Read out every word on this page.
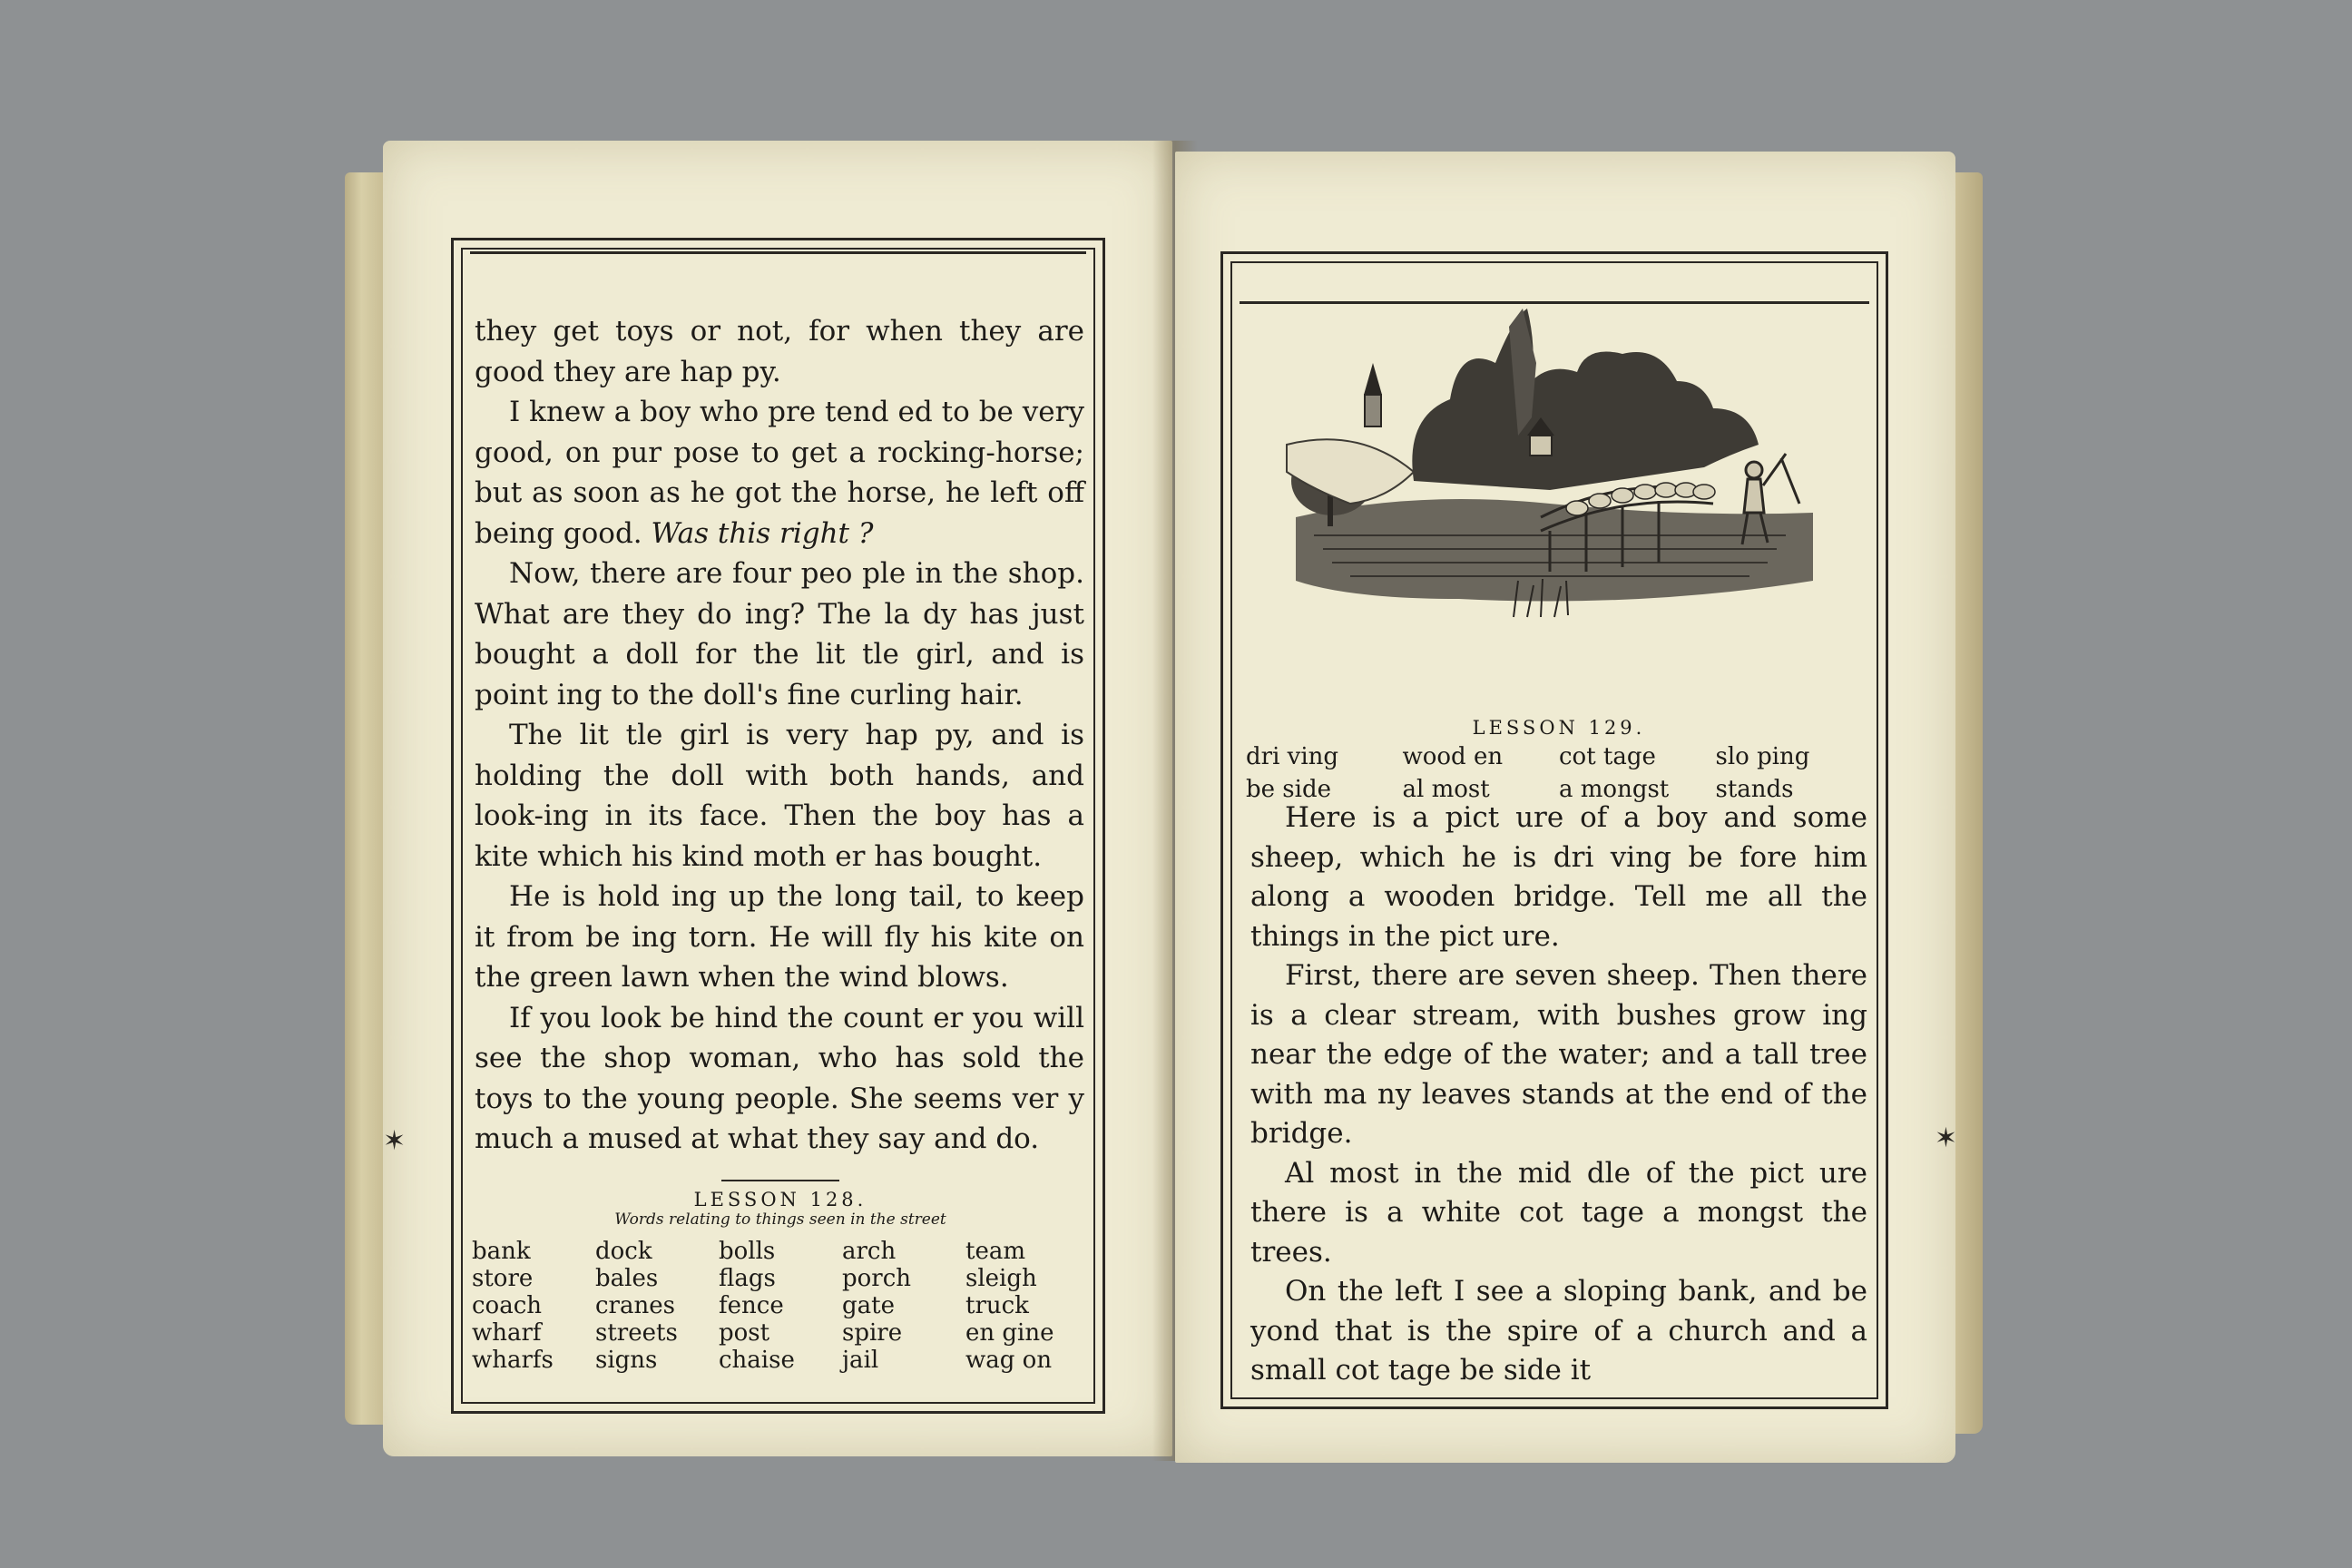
they get toys or not, for when they are good they are hap py.

I knew a boy who pre tend ed to be very good, on pur pose to get a rocking-horse; but as soon as he got the horse, he left off being good. Was this right ?

Now, there are four peo ple in the shop. What are they do ing? The la dy has just bought a doll for the lit tle girl, and is point ing to the doll's fine curling hair.

The lit tle girl is very hap py, and is holding the doll with both hands, and look-ing in its face. Then the boy has a kite which his kind moth er has bought.

He is hold ing up the long tail, to keep it from be ing torn. He will fly his kite on the green lawn when the wind blows.

If you look be hind the count er you will see the shop woman, who has sold the toys to the young people. She seems ver y much a mused at what they say and do.

LESSON 128.
Words relating to things seen in the street
bank	dock	bolls	arch	team
store	bales	flags	porch	sleigh
coach	cranes	fence	gate	truck
wharf	streets	post	spire	en gine
wharfs	signs	chaise	jail	wag on
✶
LESSON 129.
dri ving	wood en	cot tage	slo ping
be side	al most	a mongst	stands

Here is a pict ure of a boy and some sheep, which he is dri ving be fore him along a wooden bridge. Tell me all the things in the pict ure.

First, there are seven sheep. Then there is a clear stream, with bushes grow ing near the edge of the water; and a tall tree with ma ny leaves stands at the end of the bridge.

Al most in the mid dle of the pict ure there is a white cot tage a mongst the trees.

On the left I see a sloping bank, and be yond that is the spire of a church and a small cot tage be side it

✶
